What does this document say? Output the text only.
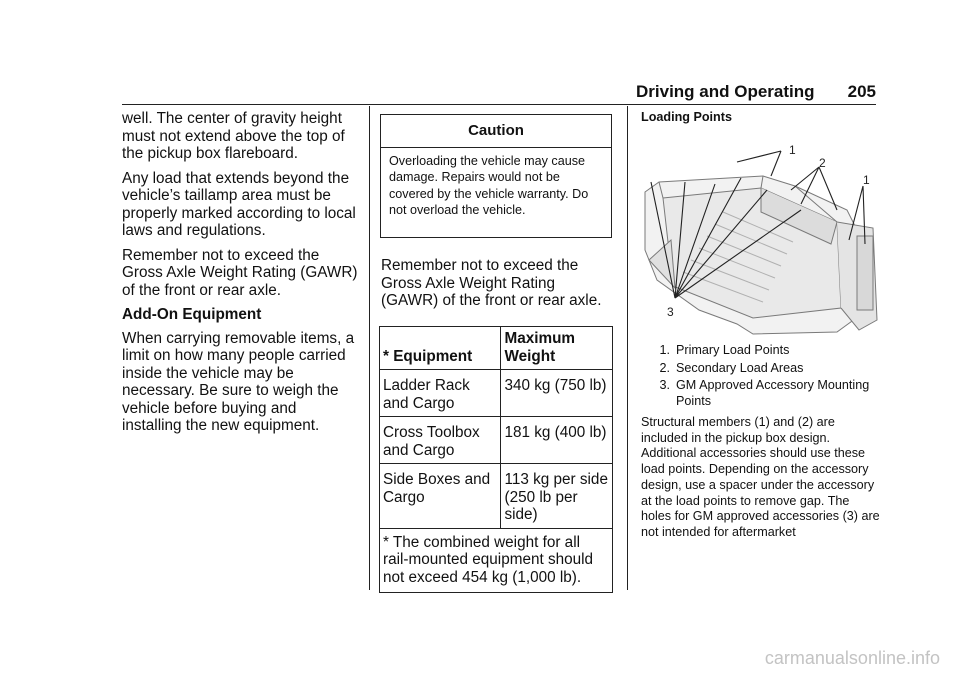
Driving and Operating 205

well. The center of gravity height must not extend above the top of the pickup box flareboard.

Any load that extends beyond the vehicle’s taillamp area must be properly marked according to local laws and regulations.

Remember not to exceed the Gross Axle Weight Rating (GAWR) of the front or rear axle.

Add-On Equipment

When carrying removable items, a limit on how many people carried inside the vehicle may be necessary. Be sure to weigh the vehicle before buying and installing the new equipment.

Caution
Overloading the vehicle may cause damage. Repairs would not be covered by the vehicle warranty. Do not overload the vehicle.

Remember not to exceed the Gross Axle Weight Rating (GAWR) of the front or rear axle.

* Equipment	Maximum Weight
Ladder Rack and Cargo	340 kg (750 lb)
Cross Toolbox and Cargo	181 kg (400 lb)
Side Boxes and Cargo	113 kg per side (250 lb per side)
* The combined weight for all rail-mounted equipment should not exceed 454 kg (1,000 lb).	
Loading Points
1
2
1
3
1. Primary Load Points
2. Secondary Load Areas
3. GM Approved Accessory Mounting Points

Structural members (1) and (2) are included in the pickup box design. Additional accessories should use these load points. Depending on the accessory design, use a spacer under the accessory at the load points to remove gap. The holes for GM approved accessories (3) are not intended for aftermarket

carmanualsonline.info
